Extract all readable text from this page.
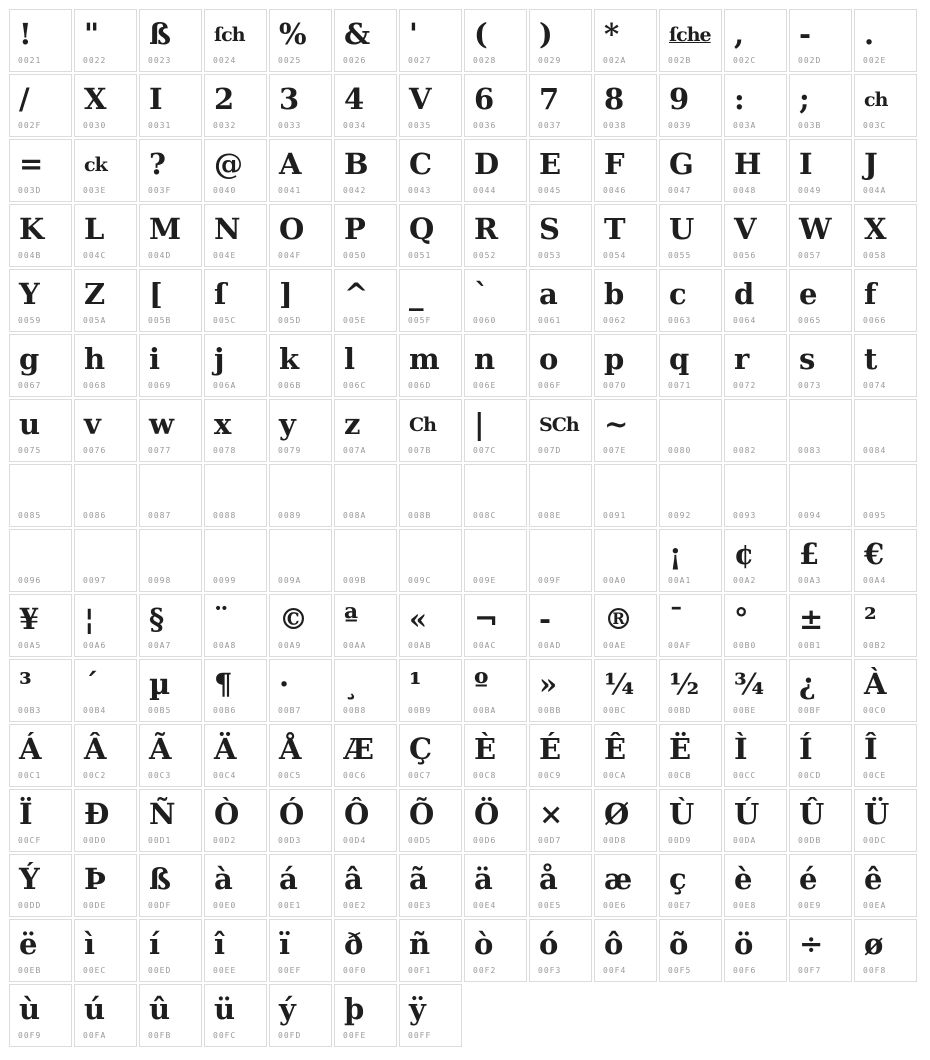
!
0021
"
0022
ß
0023
ſch
0024
%
0025
&
0026
'
0027
(
0028
)
0029
*
002A
ſche
002B
,
002C
-
002D
.
002E
/
002F
X
0030
I
0031
2
0032
3
0033
4
0034
V
0035
6
0036
7
0037
8
0038
9
0039
:
003A
;
003B
ch
003C
=
003D
ck
003E
?
003F
@
0040
A
0041
B
0042
C
0043
D
0044
E
0045
F
0046
G
0047
H
0048
I
0049
J
004A
K
004B
L
004C
M
004D
N
004E
O
004F
P
0050
Q
0051
R
0052
S
0053
T
0054
U
0055
V
0056
W
0057
X
0058
Y
0059
Z
005A
[
005B
ſ
005C
]
005D
^
005E
_
005F
`
0060
a
0061
b
0062
c
0063
d
0064
e
0065
f
0066
g
0067
h
0068
i
0069
j
006A
k
006B
l
006C
m
006D
n
006E
o
006F
p
0070
q
0071
r
0072
s
0073
t
0074
u
0075
v
0076
w
0077
x
0078
y
0079
z
007A
Ch
007B
|
007C
SCh
007D
~
007E	0080	0082	0083	0084
0085	0086	0087	0088	0089	008A	008B	008C	008E	0091	0092	0093	0094	0095
0096	0097	0098	0099	009A	009B	009C	009E	009F	00A0
¡
00A1
¢
00A2
£
00A3
€
00A4
¥
00A5
¦
00A6
§
00A7
¨
00A8
©
00A9
ª
00AA
«
00AB
¬
00AC
-
00AD
®
00AE
¯
00AF
°
00B0
±
00B1
²
00B2
³
00B3
´
00B4
µ
00B5
¶
00B6
·
00B7
¸
00B8
¹
00B9
º
00BA
»
00BB
¼
00BC
½
00BD
¾
00BE
¿
00BF
À
00C0
Á
00C1
Â
00C2
Ã
00C3
Ä
00C4
Å
00C5
Æ
00C6
Ç
00C7
È
00C8
É
00C9
Ê
00CA
Ë
00CB
Ì
00CC
Í
00CD
Î
00CE
Ï
00CF
Ð
00D0
Ñ
00D1
Ò
00D2
Ó
00D3
Ô
00D4
Õ
00D5
Ö
00D6
×
00D7
Ø
00D8
Ù
00D9
Ú
00DA
Û
00DB
Ü
00DC
Ý
00DD
Þ
00DE
ß
00DF
à
00E0
á
00E1
â
00E2
ã
00E3
ä
00E4
å
00E5
æ
00E6
ç
00E7
è
00E8
é
00E9
ê
00EA
ë
00EB
ì
00EC
í
00ED
î
00EE
ï
00EF
ð
00F0
ñ
00F1
ò
00F2
ó
00F3
ô
00F4
õ
00F5
ö
00F6
÷
00F7
ø
00F8
ù
00F9
ú
00FA
û
00FB
ü
00FC
ý
00FD
þ
00FE
ÿ
00FF
